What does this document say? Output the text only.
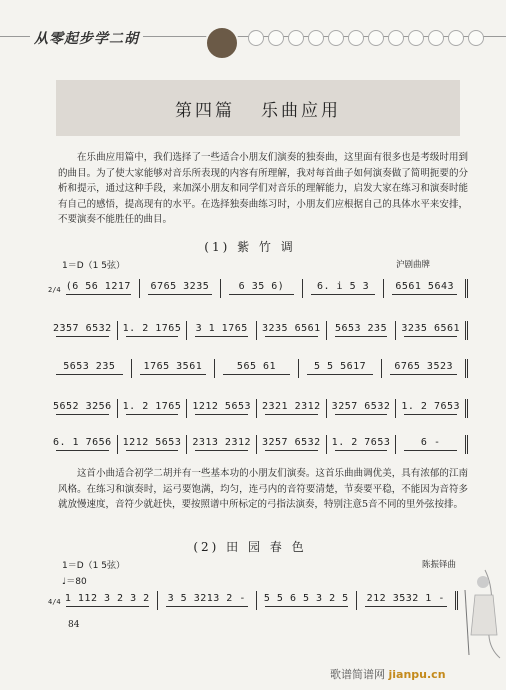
从零起步学二胡
第四篇 乐曲应用

在乐曲应用篇中，我们选择了一些适合小朋友们演奏的独奏曲，这里面有很多也是考级时用到的曲目。为了使大家能够对音乐所表现的内容有所理解，我对每首曲子如何演奏做了简明扼要的分析和提示，通过这种手段，来加深小朋友和同学们对音乐的理解能力，启发大家在练习和演奏时能有自己的感悟，提高现有的水平。在选择独奏曲练习时，小朋友们应根据自己的具体水平来安排，不要演奏不能胜任的曲目。

(1) 紫 竹 调
1＝D（1 5弦）	沪剧曲牌
2/4 (6 56 1217	6765 3235	6 35 6)	6. i 5 3	6561 5643
2357 6532	1. 2 1765	3 1 1765	3235 6561	5653 235	3235 6561
5653 235	1765 3561	565 61	5 5 5617	6765 3523
5652 3256	1. 2 1765	1212 5653	2321 2312	3257 6532	1. 2 7653
6. 1 7656	1212 5653	2313 2312	3257 6532	1. 2 7653	6 -

这首小曲适合初学二胡并有一些基本功的小朋友们演奏。这首乐曲曲调优美，具有浓郁的江南风格。在练习和演奏时，运弓要饱满，均匀，连弓内的音符要清楚，节奏要平稳，不能因为音符多就放慢速度，音符少就赶快，要按照谱中所标定的弓指法演奏，特别注意5音不同的里外弦按排。

(2) 田 园 春 色
1＝D（1 5弦）	陈振铎曲
♩＝80
4/4 1 112 3 2 3 2	3 5 3213 2 -	5 5 6 5 3 2 5	212 3532 1 -
84
歌谱简谱网 jianpu.cn
